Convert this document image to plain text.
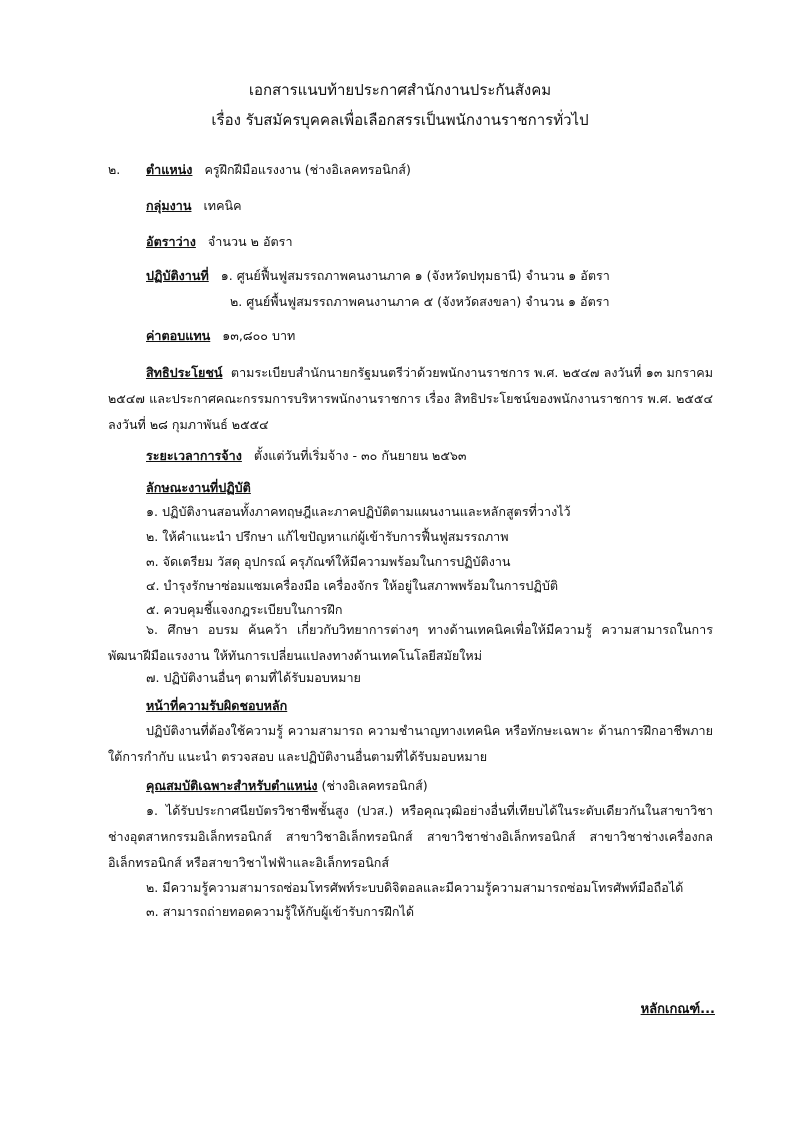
เอกสารแนบท้ายประกาศสำนักงานประกันสังคม
เรื่อง รับสมัครบุคคลเพื่อเลือกสรรเป็นพนักงานราชการทั่วไป
๒. ตำแหน่ง ครูฝึกฝีมือแรงงาน (ช่างอิเลคทรอนิกส์)
กลุ่มงาน เทคนิค
อัตราว่าง จำนวน ๒ อัตรา
ปฏิบัติงานที่ ๑. ศูนย์ฟื้นฟูสมรรถภาพคนงานภาค ๑ (จังหวัดปทุมธานี) จำนวน ๑ อัตรา
๒. ศูนย์พื้นฟูสมรรถภาพคนงานภาค ๕ (จังหวัดสงขลา) จำนวน ๑ อัตรา
ค่าตอบแทน ๑๓,๘๐๐ บาท
สิทธิประโยชน์ ตามระเบียบสำนักนายกรัฐมนตรีว่าด้วยพนักงานราชการ พ.ศ. ๒๕๔๗ ลงวันที่ ๑๓ มกราคม ๒๕๔๗ และประกาศคณะกรรมการบริหารพนักงานราชการ เรื่อง สิทธิประโยชน์ของพนักงานราชการ พ.ศ. ๒๕๕๔ ลงวันที่ ๒๘ กุมภาพันธ์ ๒๕๕๔
ระยะเวลาการจ้าง ตั้งแต่วันที่เริ่มจ้าง - ๓๐ กันยายน ๒๕๖๓
ลักษณะงานที่ปฏิบัติ
๑. ปฏิบัติงานสอนทั้งภาคทฤษฎีและภาคปฏิบัติตามแผนงานและหลักสูตรที่วางไว้
๒. ให้คำแนะนำ ปรึกษา แก้ไขปัญหาแก่ผู้เข้ารับการฟื้นฟูสมรรถภาพ
๓. จัดเตรียม วัสดุ อุปกรณ์ ครุภัณฑ์ให้มีความพร้อมในการปฏิบัติงาน
๔. บำรุงรักษาซ่อมแซมเครื่องมือ เครื่องจักร ให้อยู่ในสภาพพร้อมในการปฏิบัติ
๕. ควบคุมชี้แจงกฎระเบียบในการฝึก
๖. ศึกษา อบรม ค้นคว้า เกี่ยวกับวิทยาการต่างๆ ทางด้านเทคนิคเพื่อให้มีความรู้ ความสามารถในการพัฒนาฝีมือแรงงาน ให้ทันการเปลี่ยนแปลงทางด้านเทคโนโลยีสมัยใหม่
๗. ปฏิบัติงานอื่นๆ ตามที่ได้รับมอบหมาย
หน้าที่ความรับผิดชอบหลัก
ปฏิบัติงานที่ต้องใช้ความรู้ ความสามารถ ความชำนาญทางเทคนิค หรือทักษะเฉพาะ ด้านการฝึกอาชีพภายใต้การกำกับ แนะนำ ตรวจสอบ และปฏิบัติงานอื่นตามที่ได้รับมอบหมาย
คุณสมบัติเฉพาะสำหรับตำแหน่ง (ช่างอิเลคทรอนิกส์)
๑. ได้รับประกาศนียบัตรวิชาชีพชั้นสูง (ปวส.) หรือคุณวุฒิอย่างอื่นที่เทียบได้ในระดับเดียวกันในสาขาวิชาช่างอุตสาหกรรมอิเล็กทรอนิกส์ สาขาวิชาอิเล็กทรอนิกส์ สาขาวิชาช่างอิเล็กทรอนิกส์ สาขาวิชาช่างเครื่องกลอิเล็กทรอนิกส์ หรือสาขาวิชาไฟฟ้าและอิเล็กทรอนิกส์
๒. มีความรู้ความสามารถซ่อมโทรศัพท์ระบบดิจิตอลและมีความรู้ความสามารถซ่อมโทรศัพท์มือถือได้
๓. สามารถถ่ายทอดความรู้ให้กับผู้เข้ารับการฝึกได้
หลักเกณฑ์...
